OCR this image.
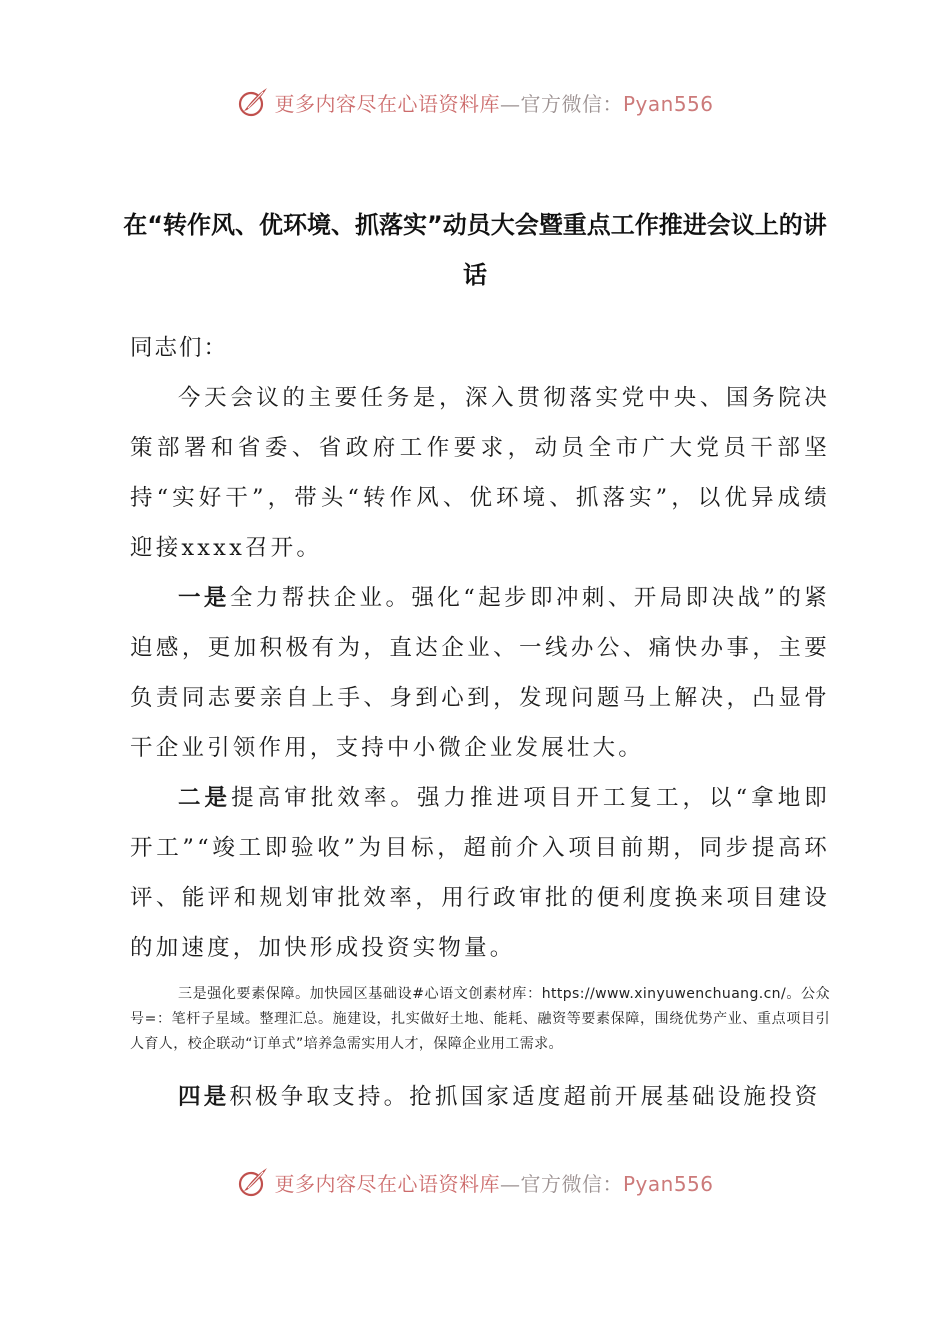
更多内容尽在心语资料库—官方微信：Pyan556
在“转作风、优环境、抓落实”动员大会暨重点工作推进会议上的讲话
同志们：

今天会议的主要任务是，深入贯彻落实党中央、国务院决策部署和省委、省政府工作要求，动员全市广大党员干部坚持“实好干”，带头“转作风、优环境、抓落实”，以优异成绩迎接xxxx召开。

一是全力帮扶企业。强化“起步即冲刺、开局即决战”的紧迫感，更加积极有为，直达企业、一线办公、痛快办事，主要负责同志要亲自上手、身到心到，发现问题马上解决，凸显骨干企业引领作用，支持中小微企业发展壮大。

二是提高审批效率。强力推进项目开工复工，以“拿地即开工”“竣工即验收”为目标，超前介入项目前期，同步提高环评、能评和规划审批效率，用行政审批的便利度换来项目建设的加速度，加快形成投资实物量。

三是强化要素保障。加快园区基础设#心语文创素材库：https://www.xinyuwenchuang.cn/。公众号=：笔杆子星域。整理汇总。施建设，扎实做好土地、能耗、融资等要素保障，围绕优势产业、重点项目引人育人，校企联动“订单式”培养急需实用人才，保障企业用工需求。

四是积极争取支持。抢抓国家适度超前开展基础设施投资

更多内容尽在心语资料库—官方微信：Pyan556
